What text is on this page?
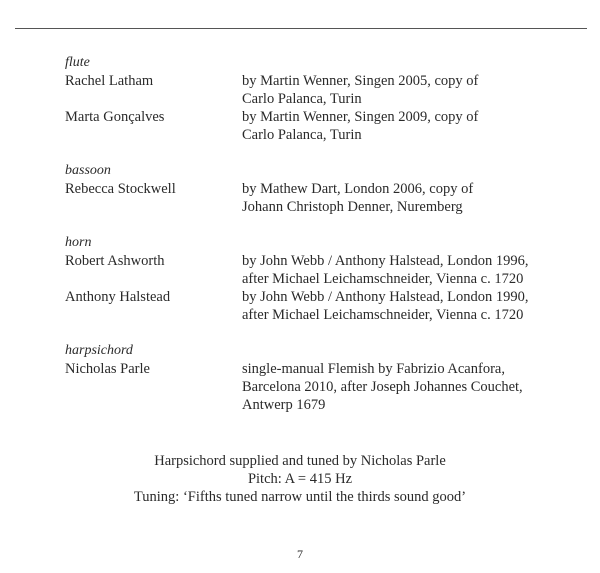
flute
Rachel Latham	by Martin Wenner, Singen 2005, copy of
Carlo Palanca, Turin
Marta Gonçalves	by Martin Wenner, Singen 2009, copy of
Carlo Palanca, Turin
bassoon
Rebecca Stockwell	by Mathew Dart, London 2006, copy of
Johann Christoph Denner, Nuremberg
horn
Robert Ashworth	by John Webb / Anthony Halstead, London 1996,
after Michael Leichamschneider, Vienna c. 1720
Anthony Halstead	by John Webb / Anthony Halstead, London 1990,
after Michael Leichamschneider, Vienna c. 1720
harpsichord
Nicholas Parle	single-manual Flemish by Fabrizio Acanfora,
Barcelona 2010, after Joseph Johannes Couchet,
Antwerp 1679
Harpsichord supplied and tuned by Nicholas Parle
Pitch: A = 415 Hz
Tuning: ‘Fifths tuned narrow until the thirds sound good’
7
